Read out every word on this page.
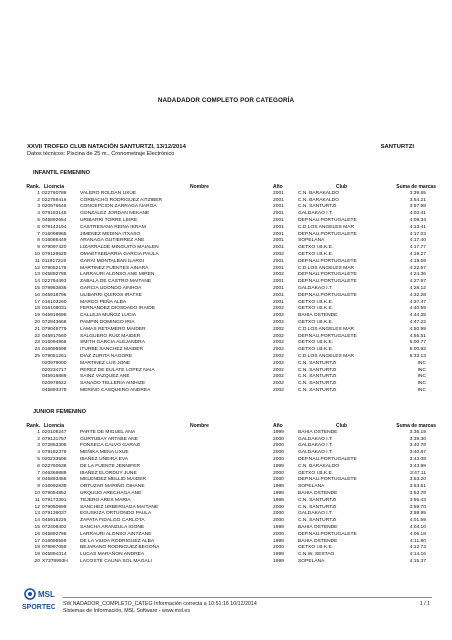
NADADADOR COMPLETO POR CATEGORÍA
XXVII TROFEO CLUB NATACIÓN SANTURTZI, 13/12/2014	SANTURTZI
Datos técnicos: Piscina de 25 m., Cronometraje Electrónico
INFANTIL FEMENINO
Rank. Licencia	Nombre	Año	Club	Suma de marcas
1 022760788	VALERO ROLDAN UXUE	2001	C.N. BARAKALDO	3:39.55
2 022759416	CORBACHO RODRIGUEZ AITZIBER	2001	C.N. BARAKALDO	3:54.21
3 020976646	CONCEPCION ZARRAGA NAROA	2001	C.N. SANTURTZI	3:57.98
4 079183145	GONZALEZ JORDAN NEKANE	2001	GALDAKAO I.T.	4:03.41
5 045892654	URIBARRI TORRE LEIRE	2001	DEP.NAU.PORTUGALETE	4:09.34
6 079143194	CASTRESANA REINA IKRAM	2001	C.D.LOS ANGELES MAR	4:13.41
7 016098965	JIMENEZ MEDINA ITXASO	2001	DEP.NAU.PORTUGALETE	4:17.03
8 016086449	ARANAGA GUTIERREZ ANE	2001	SOPELANA	4:17.40
9 079097420	LIZARRALDE MINGUITO MAIALEN	2001	GETXO I.B.K.E.	4:17.77
10 079126529	OMAETXEBARRIA GARCIA PAULA	2002	GETXO I.B.K.E.	4:19.27
11 011917219	GARAI MONTALBAN ILARGI	2001	DEP.NAU.PORTUGALETE	4:19.59
12 079052176	MARTINEZ FUENTES AINARA	2001	C.D.LOS ANGELES MAR	4:22.57
13 045892788	LARRAURI ALONSO ANE MIREN	2002	DEP.NAU.PORTUGALETE	4:24.36
14 022764493	ZABALA DE CASTRO MAITANE	2001	DEP.NAU.PORTUGALETE	4:27.97
15 078983836	GARCIA UDONDO AINHOA	2001	GALDAKAO I.T.	4:28.12
16 045918796	ULIBARRI QUIROS IRATXE	2001	DEP.NAU.PORTUGALETE	4:32.28
17 016103260	MARCO PEÑA ALBA	2001	GETXO I.B.K.E.	4:37.47
18 016108031	FERNANDEZ DIOSDADO IRAIDE	2002	GETXO I.B.K.E.	4:40.59
19 045916696	CALLEJA MUÑOZ LUCIA	2002	BAHIA OSTENDE	4:44.35
20 072843668	PAMPIN DOMINGO IRIA	2002	GETXO I.B.K.E.	4:47.22
21 079049779	LAMAS RETAMERO MAIDER	2002	C.D.LOS ANGELES MAR	4:50.99
22 045917560	SALGUERO RUIZ MAIDER	2002	DEP.NAU.PORTUGALETE	4:55.51
23 016094966	SMITH GARCIA ALEJANDRA	2002	GETXO I.B.K.E.	5:00.77
24 016095598	ITURBE SANCHEZ MAIDER	2002	GETXO I.B.K.E.	5:00.92
25 079051261	DIAZ ZURITA NAGORE	2002	C.D.LOS ANGELES MAR	5:33.13
020979000	MARTINEZ LUS JONE	2002	C.N. SANTURTZI	INC
020234717	PEREZ DE EULATE LOPEZ NAIA	2002	C.N. SANTURTZI	INC
045916889	SAINZ VAZQUEZ ANE	2002	C.N. SANTURTZI	INC
020978622	SANADO TELLERIA AINHIZE	2002	C.N. SANTURTZI	INC
045893379	MERINO CASQUERO ANDREA	2002	C.N. SANTURTZI	INC
JUNIOR FEMENINO
Rank. Licencia	Nombre	Año	Club	Suma de marcas
1 020108247	PARTE DE MIGUEL ANA	1999	BAHIA OSTENDE	3:36.19
2 079131757	GURTUBAY ARTABE ANE	2000	GALDAKAO I.T.	3:39.30
3 072853305	FONSECA CALVO GARAZI	2000	GALDAKAO I.T.	3:40.78
4 079182379	MEÑIKA MENA UXUE	2000	GALDAKAO I.T.	3:40.87
5 020233596	IBAÑEZ UÑEIRA EVA	2000	DEP.NAU.PORTUGALETE	3:43.08
6 022760538	DE LA FUENTE JENNIFER	1999	C.N. BARAKALDO	3:43.98
7 046369889	IBAÑEZ ELORDUY JUNE	2000	GETXO I.B.K.E.	3:47.11
8 045893458	MELENDEZ MELLID MAIDER	2000	DEP.NAU.PORTUGALETE	3:53.20
9 016092839	ORTUZAR MARIÑO OIHANE	1999	SOPELANA	3:53.51
10 079054852	URQUIJO ARECHAGA ANE	1999	BAHIA OSTENDE	3:53.78
11 079173391	TEJERO ARES MARIA	1999	C.N. SANTURTZI	3:55.43
12 079050999	SANCHEZ URBERUAGA MAITANE	2000	C.N. SANTURTZI	3:59.70
13 079136037	EGUSKIZA ORTUONDO PAULA	2000	GALDAKAO I.T.	3:59.95
14 045918225	ZAPATA FIDALGO CARLOTA	2000	C.N. SANTURTZI	4:01.59
15 072408402	SANCHA ARANZULA IGONE	1999	BAHIA OSTENDE	4:04.10
16 045892768	LARRAURI ALONSO AINTZANE	2000	DEP.NAU.PORTUGALETE	4:06.18
17 016095559	DE LA VIUDA RODRIGUEZ ALBA	1999	BAHIA OSTENDE	4:11.80
18 078997059	BEJARANO RODRIGUEZ BEGOÑA	2000	GETXO I.B.K.E.	4:12.73
19 045894314	LUCAS MARAÑON ANDREA	1999	C.N.W. SESTAO	4:14.16
20 X7378993H	LACOSTE CAUNA SOL MAGALI	1999	SOPELANA	4:15.37
MSL
SPORTEC SW.NADADOR_COMPLETO_CATEG Información correcta a 10:51:16 10/12/2014	1 / 1
Sistemas de Información, MSL Software - www.msl.es
